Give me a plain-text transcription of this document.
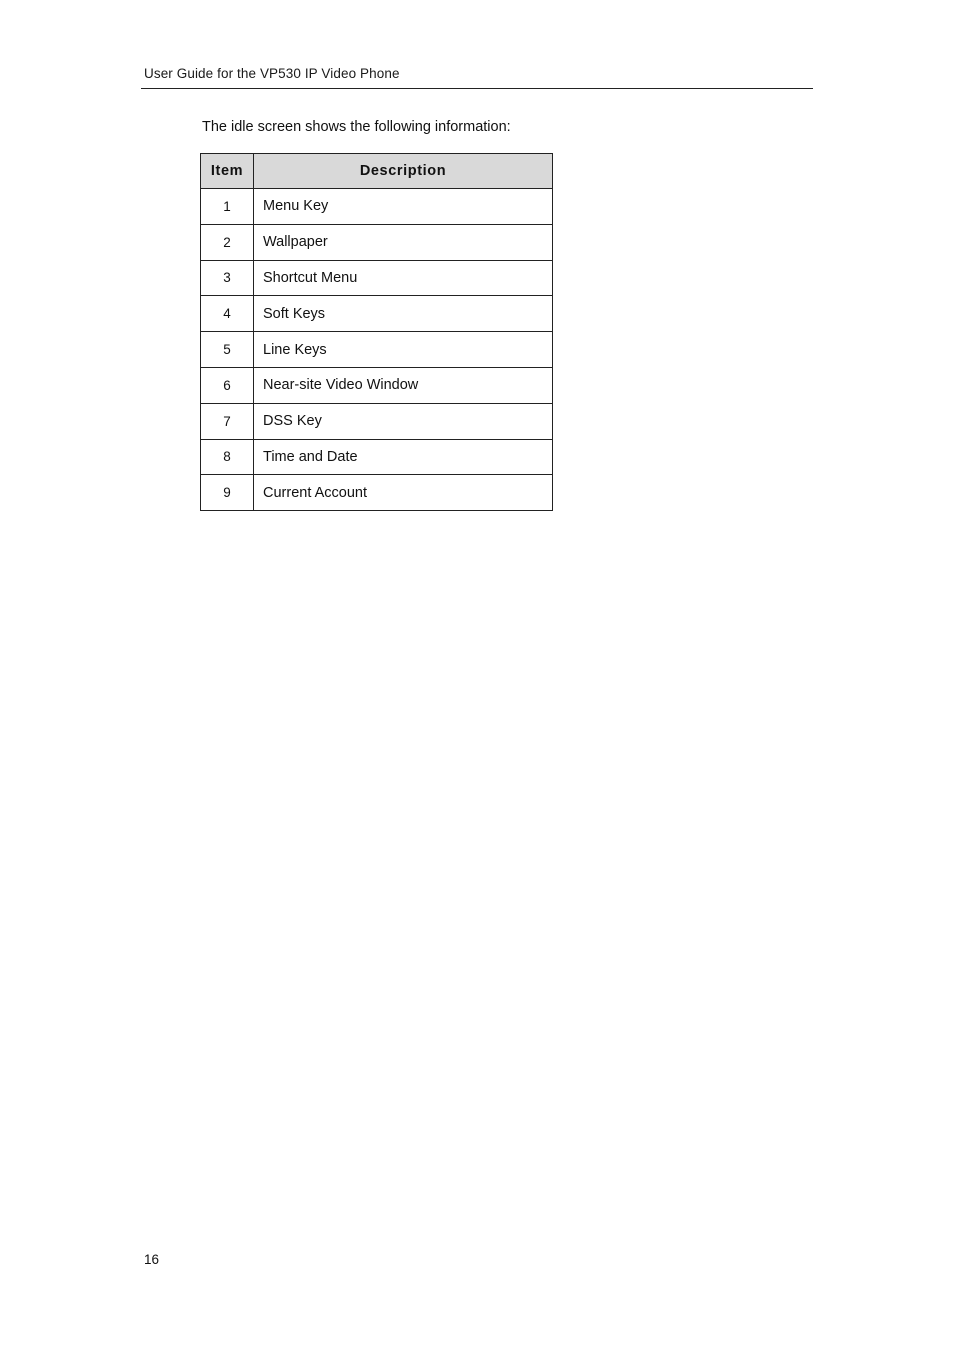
User Guide for the VP530 IP Video Phone

The idle screen shows the following information:

Item	Description
1	Menu Key
2	Wallpaper
3	Shortcut Menu
4	Soft Keys
5	Line Keys
6	Near-site Video Window
7	DSS Key
8	Time and Date
9	Current Account
16
